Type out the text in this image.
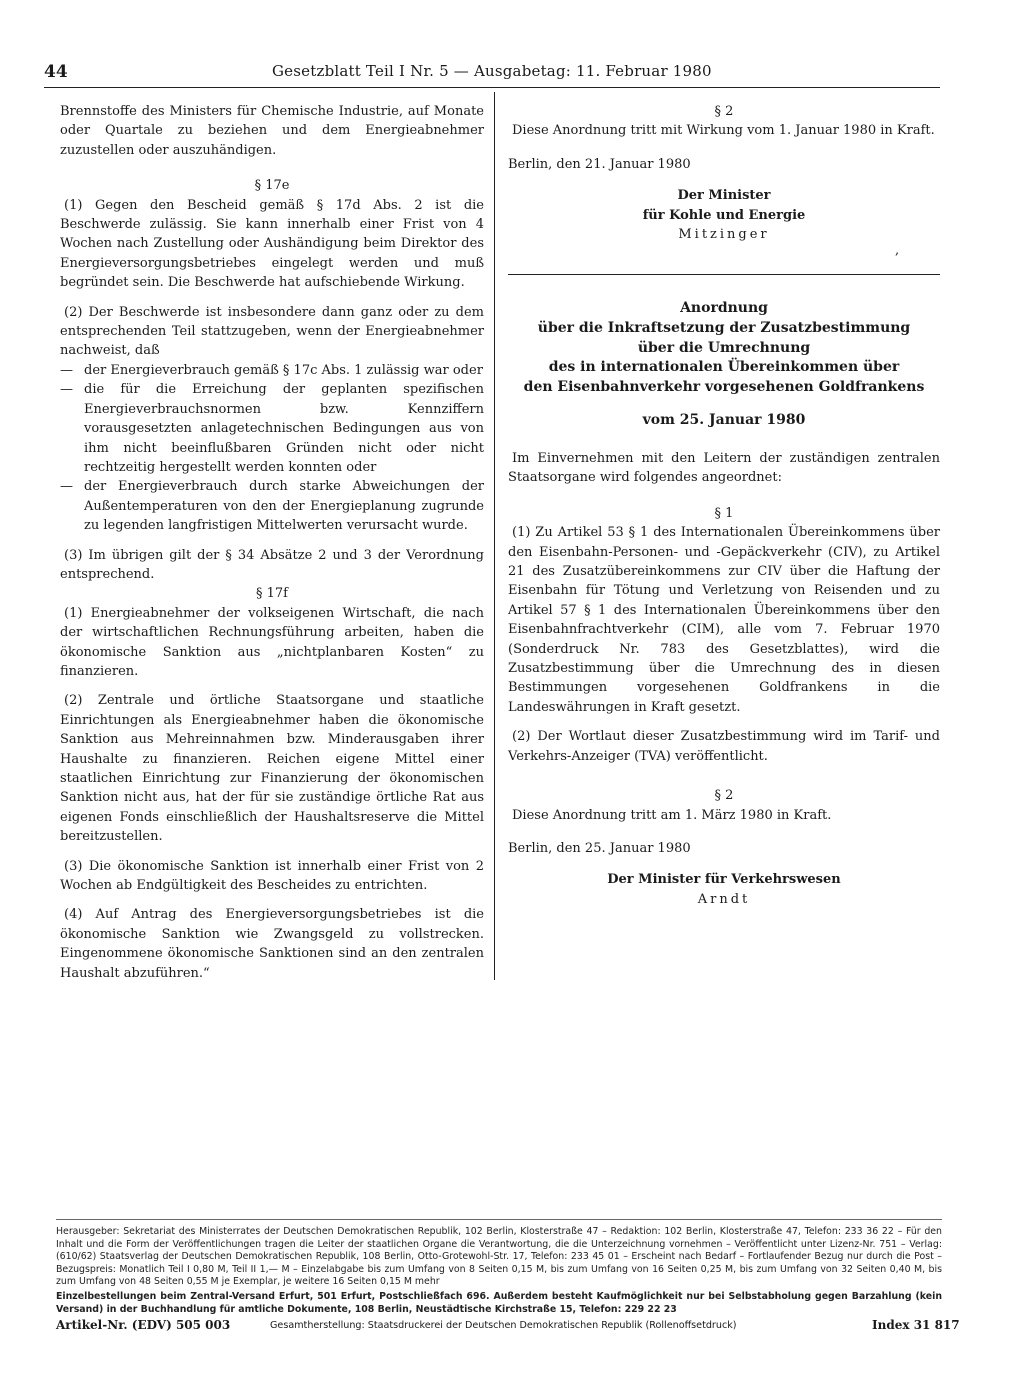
44	Gesetzblatt Teil I Nr. 5 — Ausgabetag: 11. Februar 1980

Brennstoffe des Ministers für Chemische Industrie, auf Monate oder Quartale zu beziehen und dem Energieabnehmer zuzustellen oder auszuhändigen.

§ 17e

(1) Gegen den Bescheid gemäß § 17d Abs. 2 ist die Beschwerde zulässig. Sie kann innerhalb einer Frist von 4 Wochen nach Zustellung oder Aushändigung beim Direktor des Energieversorgungsbetriebes eingelegt werden und muß begründet sein. Die Beschwerde hat aufschiebende Wirkung.

(2) Der Beschwerde ist insbesondere dann ganz oder zu dem entsprechenden Teil stattzugeben, wenn der Energieabnehmer nachweist, daß

— der Energieverbrauch gemäß § 17c Abs. 1 zulässig war oder
— die für die Erreichung der geplanten spezifischen Energieverbrauchsnormen bzw. Kennziffern vorausgesetzten anlagetechnischen Bedingungen aus von ihm nicht beeinflußbaren Gründen nicht oder nicht rechtzeitig hergestellt werden konnten oder
— der Energieverbrauch durch starke Abweichungen der Außentemperaturen von den der Energieplanung zugrunde zu legenden langfristigen Mittelwerten verursacht wurde.

(3) Im übrigen gilt der § 34 Absätze 2 und 3 der Verordnung entsprechend.

§ 17f

(1) Energieabnehmer der volkseigenen Wirtschaft, die nach der wirtschaftlichen Rechnungsführung arbeiten, haben die ökonomische Sanktion aus „nichtplanbaren Kosten“ zu finanzieren.

(2) Zentrale und örtliche Staatsorgane und staatliche Einrichtungen als Energieabnehmer haben die ökonomische Sanktion aus Mehreinnahmen bzw. Minderausgaben ihrer Haushalte zu finanzieren. Reichen eigene Mittel einer staatlichen Einrichtung zur Finanzierung der ökonomischen Sanktion nicht aus, hat der für sie zuständige örtliche Rat aus eigenen Fonds einschließlich der Haushaltsreserve die Mittel bereitzustellen.

(3) Die ökonomische Sanktion ist innerhalb einer Frist von 2 Wochen ab Endgültigkeit des Bescheides zu entrichten.

(4) Auf Antrag des Energieversorgungsbetriebes ist die ökonomische Sanktion wie Zwangsgeld zu vollstrecken. Eingenommene ökonomische Sanktionen sind an den zentralen Haushalt abzuführen.“

§ 2

Diese Anordnung tritt mit Wirkung vom 1. Januar 1980 in Kraft.

Berlin, den 21. Januar 1980

Der Minister

für Kohle und Energie

Mitzinger

Anordnung

über die Inkraftsetzung der Zusatzbestimmung

über die Umrechnung

des in internationalen Übereinkommen über

den Eisenbahnverkehr vorgesehenen Goldfrankens

vom 25. Januar 1980

Im Einvernehmen mit den Leitern der zuständigen zentralen Staatsorgane wird folgendes angeordnet:

§ 1

(1) Zu Artikel 53 § 1 des Internationalen Übereinkommens über den Eisenbahn-Personen- und -Gepäckverkehr (CIV), zu Artikel 21 des Zusatzübereinkommens zur CIV über die Haftung der Eisenbahn für Tötung und Verletzung von Reisenden und zu Artikel 57 § 1 des Internationalen Übereinkommens über den Eisenbahnfrachtverkehr (CIM), alle vom 7. Februar 1970 (Sonderdruck Nr. 783 des Gesetzblattes), wird die Zusatzbestimmung über die Umrechnung des in diesen Bestimmungen vorgesehenen Goldfrankens in die Landeswährungen in Kraft gesetzt.

(2) Der Wortlaut dieser Zusatzbestimmung wird im Tarif- und Verkehrs-Anzeiger (TVA) veröffentlicht.

§ 2

Diese Anordnung tritt am 1. März 1980 in Kraft.

Berlin, den 25. Januar 1980

Der Minister für Verkehrswesen

Arndt

,
Herausgeber: Sekretariat des Ministerrates der Deutschen Demokratischen Republik, 102 Berlin, Klosterstraße 47 – Redaktion: 102 Berlin, Klosterstraße 47, Telefon: 233 36 22 – Für den Inhalt und die Form der Veröffentlichungen tragen die Leiter der staatlichen Organe die Verantwortung, die die Unterzeichnung vornehmen – Veröffentlicht unter Lizenz-Nr. 751 – Verlag: (610/62) Staatsverlag der Deutschen Demokratischen Republik, 108 Berlin, Otto-Grotewohl-Str. 17, Telefon: 233 45 01 – Erscheint nach Bedarf – Fortlaufender Bezug nur durch die Post – Bezugspreis: Monatlich Teil I 0,80 M, Teil II 1,— M – Einzelabgabe bis zum Umfang von 8 Seiten 0,15 M, bis zum Umfang von 16 Seiten 0,25 M, bis zum Umfang von 32 Seiten 0,40 M, bis zum Umfang von 48 Seiten 0,55 M je Exemplar, je weitere 16 Seiten 0,15 M mehr
Einzelbestellungen beim Zentral-Versand Erfurt, 501 Erfurt, Postschließfach 696. Außerdem besteht Kaufmöglichkeit nur bei Selbstabholung gegen Barzahlung (kein Versand) in der Buchhandlung für amtliche Dokumente, 108 Berlin, Neustädtische Kirchstraße 15, Telefon: 229 22 23
Artikel-Nr. (EDV) 505 003	Gesamtherstellung: Staatsdruckerei der Deutschen Demokratischen Republik (Rollenoffsetdruck)	Index 31 817
